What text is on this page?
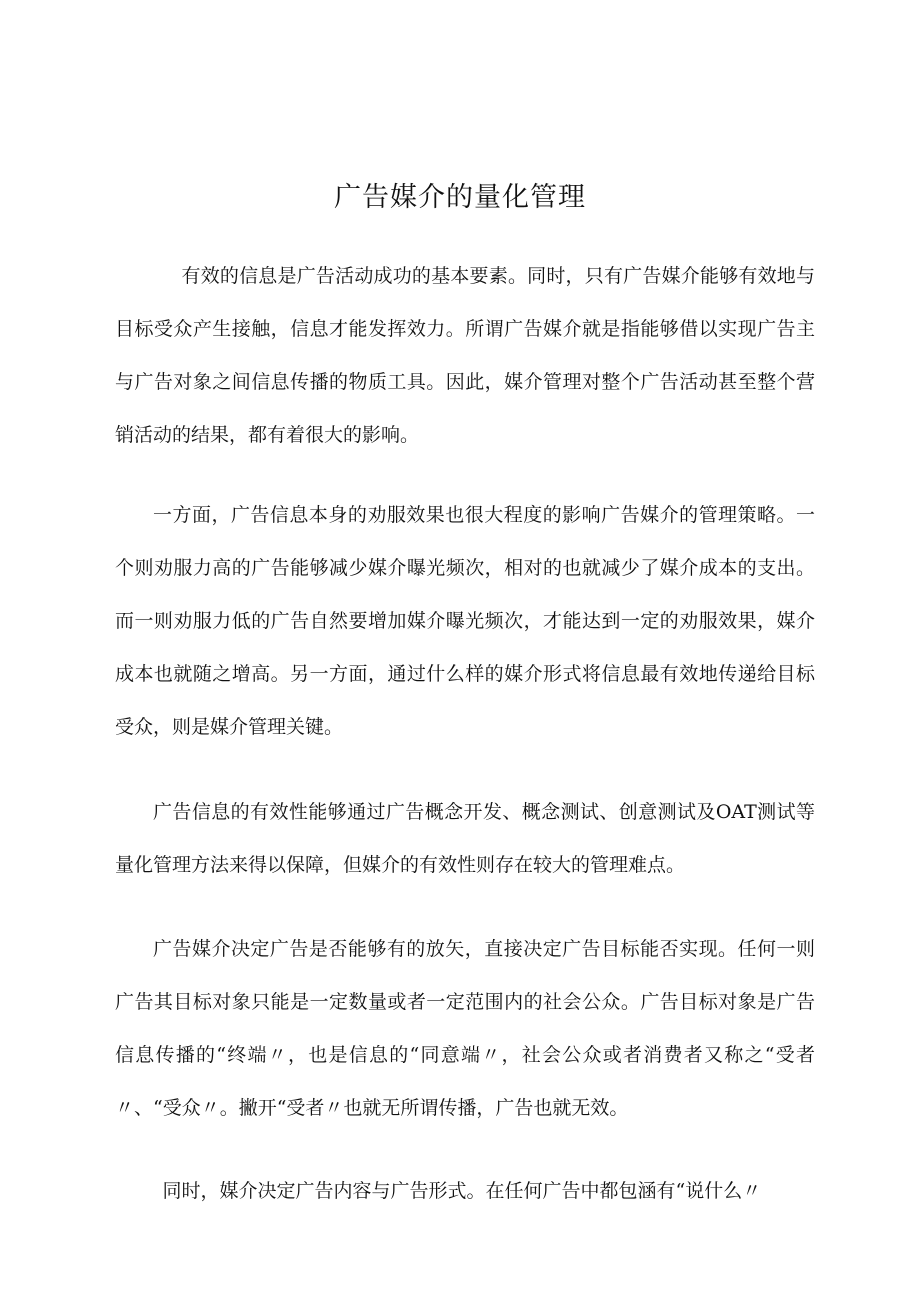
广告媒介的量化管理

有效的信息是广告活动成功的基本要素。同时，只有广告媒介能够有效地与目标受众产生接触，信息才能发挥效力。所谓广告媒介就是指能够借以实现广告主与广告对象之间信息传播的物质工具。因此，媒介管理对整个广告活动甚至整个营销活动的结果，都有着很大的影响。

一方面，广告信息本身的劝服效果也很大程度的影响广告媒介的管理策略。一个则劝服力高的广告能够减少媒介曝光频次，相对的也就减少了媒介成本的支出。而一则劝服力低的广告自然要增加媒介曝光频次，才能达到一定的劝服效果，媒介成本也就随之增高。另一方面，通过什么样的媒介形式将信息最有效地传递给目标受众，则是媒介管理关键。

广告信息的有效性能够通过广告概念开发、概念测试、创意测试及OAT测试等量化管理方法来得以保障，但媒介的有效性则存在较大的管理难点。

广告媒介决定广告是否能够有的放矢，直接决定广告目标能否实现。任何一则广告其目标对象只能是一定数量或者一定范围内的社会公众。广告目标对象是广告信息传播的“终端〃，也是信息的“同意端〃，社会公众或者消费者又称之“受者〃、“受众〃。撇开“受者〃也就无所谓传播，广告也就无效。

同时，媒介决定广告内容与广告形式。在任何广告中都包涵有“说什么〃
